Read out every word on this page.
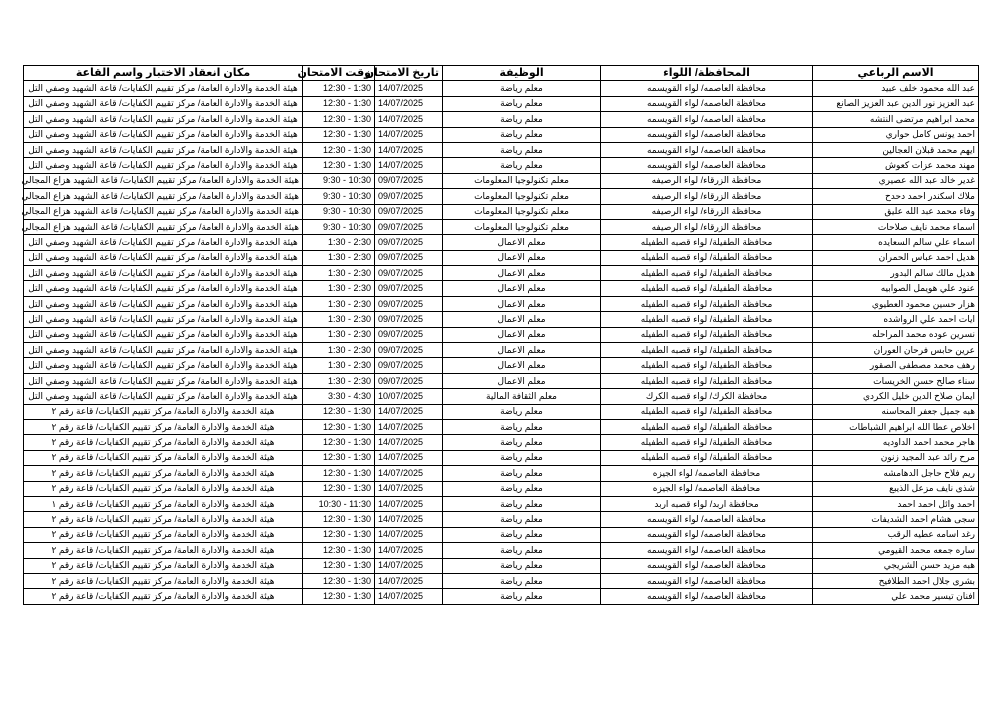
الاسم الرباعي	المحافظة/ اللواء	الوظيفة	تاريخ الامتحان	وقت الامتحان	مكان انعقاد الاختبار واسم القاعة
عبد الله محمود خلف عبيد	محافظة العاصمه/ لواء القويسمه	معلم رياضة	14/07/2025	12:30 - 1:30	هيئة الخدمة والادارة العامة/ مركز تقييم الكفايات/ قاعة الشهيد وصفي التل
عبد العزيز نور الدين عبد العزيز الصانع	محافظة العاصمه/ لواء القويسمه	معلم رياضة	14/07/2025	12:30 - 1:30	هيئة الخدمة والادارة العامة/ مركز تقييم الكفايات/ قاعة الشهيد وصفي التل
محمد ابراهيم مرتضى النتشه	محافظة العاصمه/ لواء القويسمه	معلم رياضة	14/07/2025	12:30 - 1:30	هيئة الخدمة والادارة العامة/ مركز تقييم الكفايات/ قاعة الشهيد وصفي التل
احمد يونس كامل حواري	محافظة العاصمه/ لواء القويسمه	معلم رياضة	14/07/2025	12:30 - 1:30	هيئة الخدمة والادارة العامة/ مركز تقييم الكفايات/ قاعة الشهيد وصفي التل
ايهم محمد قبلان العجالين	محافظة العاصمه/ لواء القويسمه	معلم رياضة	14/07/2025	12:30 - 1:30	هيئة الخدمة والادارة العامة/ مركز تقييم الكفايات/ قاعة الشهيد وصفي التل
مهند محمد عزات كعوش	محافظة العاصمه/ لواء القويسمه	معلم رياضة	14/07/2025	12:30 - 1:30	هيئة الخدمة والادارة العامة/ مركز تقييم الكفايات/ قاعة الشهيد وصفي التل
غدير خالد عبد الله عصيري	محافظة الزرقاء/ لواء الرصيفه	معلم تكنولوجيا المعلومات	09/07/2025	9:30 - 10:30	هيئة الخدمة والادارة العامة/ مركز تقييم الكفايات/ قاعة الشهيد هزاع المجالي
ملاك اسكندر احمد دحدح	محافظة الزرقاء/ لواء الرصيفه	معلم تكنولوجيا المعلومات	09/07/2025	9:30 - 10:30	هيئة الخدمة والادارة العامة/ مركز تقييم الكفايات/ قاعة الشهيد هزاع المجالي
وفاء محمد عبد الله عليق	محافظة الزرقاء/ لواء الرصيفه	معلم تكنولوجيا المعلومات	09/07/2025	9:30 - 10:30	هيئة الخدمة والادارة العامة/ مركز تقييم الكفايات/ قاعة الشهيد هزاع المجالي
اسماء محمد نايف صلاحات	محافظة الزرقاء/ لواء الرصيفه	معلم تكنولوجيا المعلومات	09/07/2025	9:30 - 10:30	هيئة الخدمة والادارة العامة/ مركز تقييم الكفايات/ قاعة الشهيد هزاع المجالي
اسماء علي سالم السعايده	محافظة الطفيلة/ لواء قصبه الطفيله	معلم الاعمال	09/07/2025	1:30 - 2:30	هيئة الخدمة والادارة العامة/ مركز تقييم الكفايات/ قاعة الشهيد وصفي التل
هديل احمد عباس الحمران	محافظة الطفيلة/ لواء قصبه الطفيله	معلم الاعمال	09/07/2025	1:30 - 2:30	هيئة الخدمة والادارة العامة/ مركز تقييم الكفايات/ قاعة الشهيد وصفي التل
هديل مالك سالم البدور	محافظة الطفيلة/ لواء قصبه الطفيله	معلم الاعمال	09/07/2025	1:30 - 2:30	هيئة الخدمة والادارة العامة/ مركز تقييم الكفايات/ قاعة الشهيد وصفي التل
عنود علي هويمل الصوابيه	محافظة الطفيلة/ لواء قصبه الطفيله	معلم الاعمال	09/07/2025	1:30 - 2:30	هيئة الخدمة والادارة العامة/ مركز تقييم الكفايات/ قاعة الشهيد وصفي التل
هزار حسين محمود العطيوي	محافظة الطفيلة/ لواء قصبه الطفيله	معلم الاعمال	09/07/2025	1:30 - 2:30	هيئة الخدمة والادارة العامة/ مركز تقييم الكفايات/ قاعة الشهيد وصفي التل
ايات احمد علي الرواشده	محافظة الطفيلة/ لواء قصبه الطفيله	معلم الاعمال	09/07/2025	1:30 - 2:30	هيئة الخدمة والادارة العامة/ مركز تقييم الكفايات/ قاعة الشهيد وصفي التل
نسرين عوده محمد المراحله	محافظة الطفيلة/ لواء قصبه الطفيله	معلم الاعمال	09/07/2025	1:30 - 2:30	هيئة الخدمة والادارة العامة/ مركز تقييم الكفايات/ قاعة الشهيد وصفي التل
عرين حابس فرحان العوران	محافظة الطفيلة/ لواء قصبه الطفيله	معلم الاعمال	09/07/2025	1:30 - 2:30	هيئة الخدمة والادارة العامة/ مركز تقييم الكفايات/ قاعة الشهيد وصفي التل
رهف محمد مصطفى الصقور	محافظة الطفيلة/ لواء قصبه الطفيله	معلم الاعمال	09/07/2025	1:30 - 2:30	هيئة الخدمة والادارة العامة/ مركز تقييم الكفايات/ قاعة الشهيد وصفي التل
سناء صالح حسن الخريسات	محافظة الطفيلة/ لواء قصبه الطفيله	معلم الاعمال	09/07/2025	1:30 - 2:30	هيئة الخدمة والادارة العامة/ مركز تقييم الكفايات/ قاعة الشهيد وصفي التل
ايمان صلاح الدين خليل الكردي	محافظة الكرك/ لواء قصبه الكرك	معلم الثقافة المالية	10/07/2025	3:30 - 4:30	هيئة الخدمة والادارة العامة/ مركز تقييم الكفايات/ قاعة الشهيد وصفي التل
هبه جميل جعفر المحاسنه	محافظة الطفيلة/ لواء قصبه الطفيله	معلم رياضة	14/07/2025	12:30 - 1:30	هيئة الخدمة والادارة العامة/ مركز تقييم الكفايات/ قاعة رقم ٢
اخلاص عطا الله ابراهيم الشباطات	محافظة الطفيلة/ لواء قصبه الطفيله	معلم رياضة	14/07/2025	12:30 - 1:30	هيئة الخدمة والادارة العامة/ مركز تقييم الكفايات/ قاعة رقم ٢
هاجر محمد احمد الداوديه	محافظة الطفيلة/ لواء قصبه الطفيله	معلم رياضة	14/07/2025	12:30 - 1:30	هيئة الخدمة والادارة العامة/ مركز تقييم الكفايات/ قاعة رقم ٢
مرح رائد عبد المجيد زنون	محافظة الطفيلة/ لواء قصبه الطفيله	معلم رياضة	14/07/2025	12:30 - 1:30	هيئة الخدمة والادارة العامة/ مركز تقييم الكفايات/ قاعة رقم ٢
ريم فلاح حاجل الدهامشه	محافظة العاصمه/ لواء الجيزه	معلم رياضة	14/07/2025	12:30 - 1:30	هيئة الخدمة والادارة العامة/ مركز تقييم الكفايات/ قاعة رقم ٢
شذى نايف مزعل الذيبع	محافظة العاصمه/ لواء الجيزه	معلم رياضة	14/07/2025	12:30 - 1:30	هيئة الخدمة والادارة العامة/ مركز تقييم الكفايات/ قاعة رقم ٢
احمد وائل احمد احمد	محافظة اربد/ لواء قصبه اربد	معلم رياضة	14/07/2025	10:30 - 11:30	هيئة الخدمة والادارة العامة/ مركز تقييم الكفايات/ قاعة رقم ١
سجى هشام احمد الشديفات	محافظة العاصمه/ لواء القويسمه	معلم رياضة	14/07/2025	12:30 - 1:30	هيئة الخدمة والادارة العامة/ مركز تقييم الكفايات/ قاعة رقم ٢
رغد اسامه عطيه الرقب	محافظة العاصمه/ لواء القويسمه	معلم رياضة	14/07/2025	12:30 - 1:30	هيئة الخدمة والادارة العامة/ مركز تقييم الكفايات/ قاعة رقم ٢
ساره جمعه محمد القيومي	محافظة العاصمه/ لواء القويسمه	معلم رياضة	14/07/2025	12:30 - 1:30	هيئة الخدمة والادارة العامة/ مركز تقييم الكفايات/ قاعة رقم ٢
هبه مزيد حسن الشريجي	محافظة العاصمه/ لواء القويسمه	معلم رياضة	14/07/2025	12:30 - 1:30	هيئة الخدمة والادارة العامة/ مركز تقييم الكفايات/ قاعة رقم ٢
بشرى جلال احمد الطلافيح	محافظة العاصمه/ لواء القويسمه	معلم رياضة	14/07/2025	12:30 - 1:30	هيئة الخدمة والادارة العامة/ مركز تقييم الكفايات/ قاعة رقم ٢
افنان تيسير محمد علي	محافظة العاصمه/ لواء القويسمه	معلم رياضة	14/07/2025	12:30 - 1:30	هيئة الخدمة والادارة العامة/ مركز تقييم الكفايات/ قاعة رقم ٢
